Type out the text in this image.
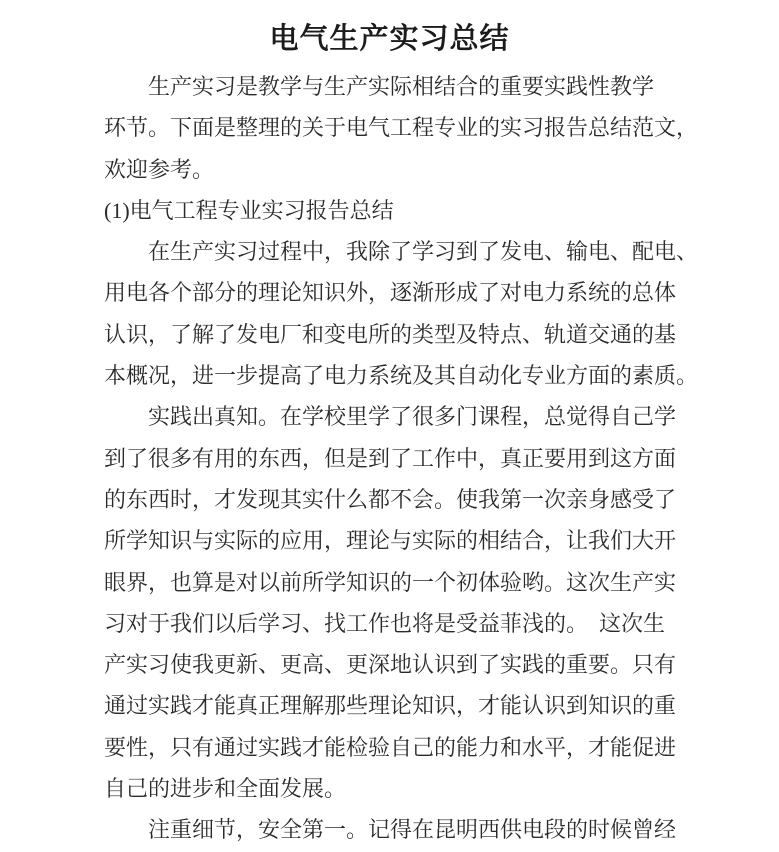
电气生产实习总结
生产实习是教学与生产实际相结合的重要实践性教学
环节。下面是整理的关于电气工程专业的实习报告总结范文，
欢迎参考。
(1)电气工程专业实习报告总结
在生产实习过程中，我除了学习到了发电、输电、配电、
用电各个部分的理论知识外，逐渐形成了对电力系统的总体
认识，了解了发电厂和变电所的类型及特点、轨道交通的基
本概况，进一步提高了电力系统及其自动化专业方面的素质。
实践出真知。在学校里学了很多门课程，总觉得自己学
到了很多有用的东西，但是到了工作中，真正要用到这方面
的东西时，才发现其实什么都不会。使我第一次亲身感受了
所学知识与实际的应用，理论与实际的相结合，让我们大开
眼界，也算是对以前所学知识的一个初体验哟。这次生产实
习对于我们以后学习、找工作也将是受益菲浅的。　这次生
产实习使我更新、更高、更深地认识到了实践的重要。只有
通过实践才能真正理解那些理论知识，才能认识到知识的重
要性，只有通过实践才能检验自己的能力和水平，才能促进
自己的进步和全面发展。
注重细节，安全第一。记得在昆明西供电段的时候曾经
